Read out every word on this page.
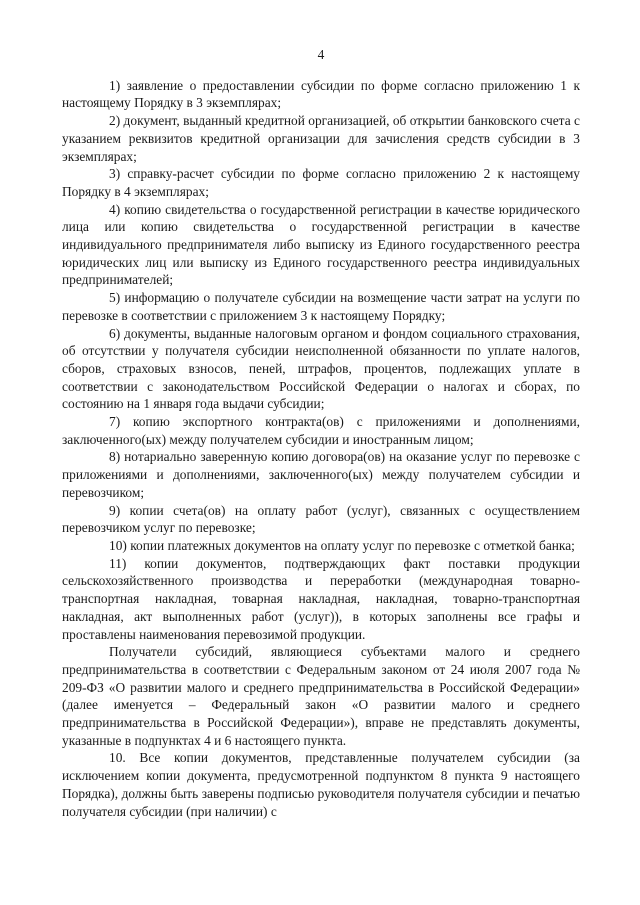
4

1) заявление о предоставлении субсидии по форме согласно приложению 1 к настоящему Порядку в 3 экземплярах;

2) документ, выданный кредитной организацией, об открытии банковского счета с указанием реквизитов кредитной организации для зачисления средств субсидии в 3 экземплярах;

3) справку-расчет субсидии по форме согласно приложению 2 к настоящему Порядку в 4 экземплярах;

4) копию свидетельства о государственной регистрации в качестве юридического лица или копию свидетельства о государственной регистрации в качестве индивидуального предпринимателя либо выписку из Единого государственного реестра юридических лиц или выписку из Единого государственного реестра индивидуальных предпринимателей;

5) информацию о получателе субсидии на возмещение части затрат на услуги по перевозке в соответствии с приложением 3 к настоящему Порядку;

6) документы, выданные налоговым органом и фондом социального страхования, об отсутствии у получателя субсидии неисполненной обязанности по уплате налогов, сборов, страховых взносов, пеней, штрафов, процентов, подлежащих уплате в соответствии с законодательством Российской Федерации о налогах и сборах, по состоянию на 1 января года выдачи субсидии;

7) копию экспортного контракта(ов) с приложениями и дополнениями, заключенного(ых) между получателем субсидии и иностранным лицом;

8) нотариально заверенную копию договора(ов) на оказание услуг по перевозке с приложениями и дополнениями, заключенного(ых) между получателем субсидии и перевозчиком;

9) копии счета(ов) на оплату работ (услуг), связанных с осуществлением перевозчиком услуг по перевозке;

10) копии платежных документов на оплату услуг по перевозке с отметкой банка;

11) копии документов, подтверждающих факт поставки продукции сельскохозяйственного производства и переработки (международная товарно-транспортная накладная, товарная накладная, накладная, товарно-транспортная накладная, акт выполненных работ (услуг)), в которых заполнены все графы и проставлены наименования перевозимой продукции.

Получатели субсидий, являющиеся субъектами малого и среднего предпринимательства в соответствии с Федеральным законом от 24 июля 2007 года № 209-ФЗ «О развитии малого и среднего предпринимательства в Российской Федерации» (далее именуется – Федеральный закон «О развитии малого и среднего предпринимательства в Российской Федерации»), вправе не представлять документы, указанные в подпунктах 4 и 6 настоящего пункта.

10. Все копии документов, представленные получателем субсидии (за исключением копии документа, предусмотренной подпунктом 8 пункта 9 настоящего Порядка), должны быть заверены подписью руководителя получателя субсидии и печатью получателя субсидии (при наличии) с
